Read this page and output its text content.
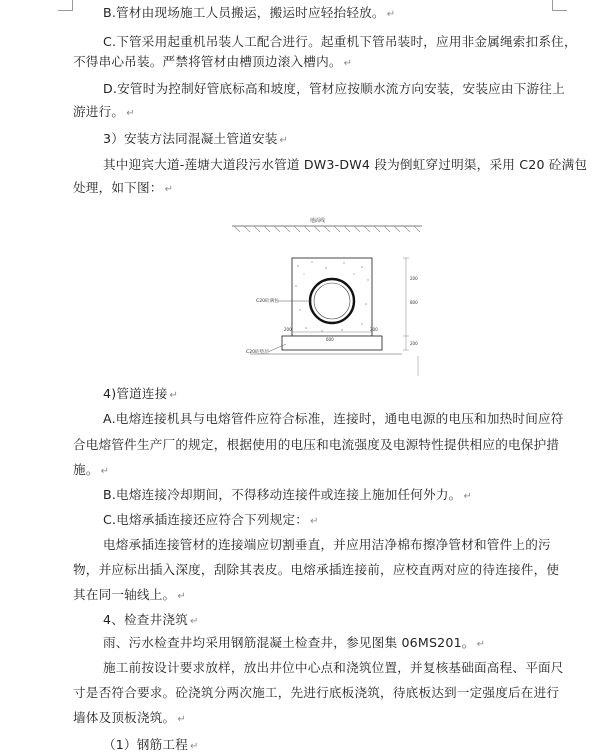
B.管材由现场施工人员搬运，搬运时应轻抬轻放。 ↵
C.下管采用起重机吊装人工配合进行。起重机下管吊装时，应用非金属绳索扣系住，
不得串心吊装。严禁将管材由槽顶边滚入槽内。 ↵
D.安管时为控制好管底标高和坡度，管材应按顺水流方向安装，安装应由下游往上
游进行。 ↵
3）安装方法同混凝土管道安装 ↵
其中迎宾大道-莲塘大道段污水管道 DW3-DW4 段为倒虹穿过明渠，采用 C20 砼满包
处理，如下图： ↵
地面线
C20砼满包
C20砼垫层
200	200
600
200
800
200
4)管道连接 ↵
A.电熔连接机具与电熔管件应符合标准，连接时，通电电源的电压和加热时间应符
合电熔管件生产厂的规定，根据使用的电压和电流强度及电源特性提供相应的电保护措
施。 ↵
B.电熔连接冷却期间，不得移动连接件或连接上施加任何外力。 ↵
C.电熔承插连接还应符合下列规定： ↵
电熔承插连接管材的连接端应切割垂直，并应用洁净棉布擦净管材和管件上的污
物，并应标出插入深度，刮除其表皮。电熔承插连接前，应校直两对应的待连接件，使
其在同一轴线上。 ↵
4、检查井浇筑 ↵
雨、污水检查井均采用钢筋混凝土检查井，参见图集 06MS201。 ↵
施工前按设计要求放样，放出井位中心点和浇筑位置，并复核基础面高程、平面尺
寸是否符合要求。砼浇筑分两次施工，先进行底板浇筑，待底板达到一定强度后在进行
墙体及顶板浇筑。 ↵
（1）钢筋工程 ↵
